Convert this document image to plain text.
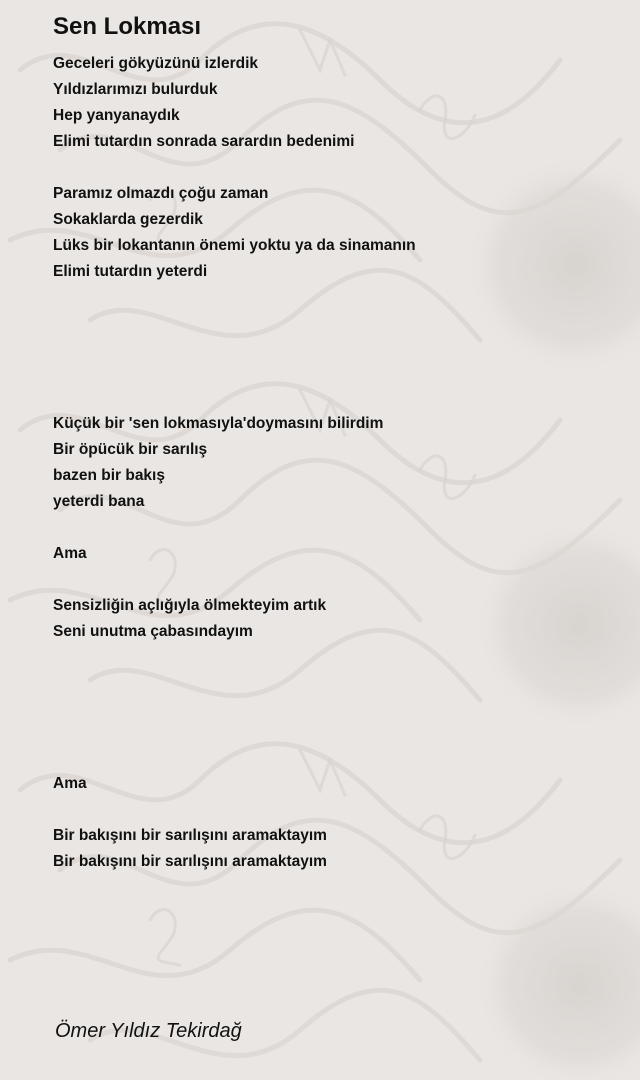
Sen Lokması

Geceleri gökyüzünü izlerdik

Yıldızlarımızı bulurduk

Hep yanyanaydık

Elimi tutardın sonrada sarardın bedenimi

Paramız olmazdı çoğu zaman

Sokaklarda gezerdik

Lüks bir lokantanın önemi yoktu ya da sinamanın

Elimi tutardın yeterdi

Küçük bir 'sen lokmasıyla'doymasını bilirdim

Bir öpücük bir sarılış

bazen bir bakış

yeterdi bana

Ama

Sensizliğin açlığıyla ölmekteyim artık

Seni unutma çabasındayım

Ama

Bir bakışını bir sarılışını aramaktayım

Bir bakışını bir sarılışını aramaktayım

Ömer Yıldız Tekirdağ
